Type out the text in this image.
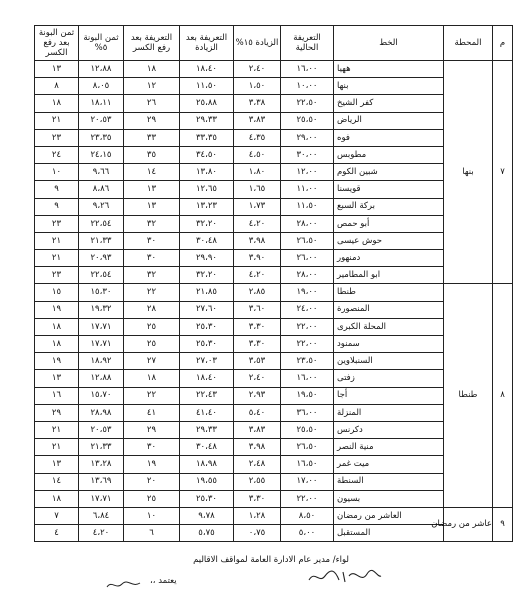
م	المحطة	الخط	التعريفة الحالية	الزيادة ١٥%	التعريفة بعد الزيادة	التعريفة بعد رفع الكسر	ثمن البونة ٥%	ثمن البونة بعد رفع الكسر
٧	بنها	ههيا	١٦،٠٠	٢،٤٠	١٨،٤٠	١٨	١٢،٨٨	١٣
		بنها	١٠،٠٠	١،٥٠	١١،٥٠	١٢	٨،٠٥	٨
		كفر الشيخ	٢٢،٥٠	٣،٣٨	٢٥،٨٨	٢٦	١٨،١١	١٨
		الرياض	٢٥،٥٠	٣،٨٣	٢٩،٣٣	٢٩	٢٠،٥٣	٢١
		فوه	٢٩،٠٠	٤،٣٥	٣٣،٣٥	٣٣	٢٣،٣٥	٢٣
		مطوبس	٣٠،٠٠	٤،٥٠	٣٤،٥٠	٣٥	٢٤،١٥	٢٤
		شبين الكوم	١٢،٠٠	١،٨٠	١٣،٨٠	١٤	٩،٦٦	١٠
		قويسنا	١١،٠٠	١،٦٥	١٢،٦٥	١٣	٨،٨٦	٩
		بركة السبع	١١،٥٠	١،٧٣	١٣،٢٣	١٣	٩،٢٦	٩
		أبو حمص	٢٨،٠٠	٤،٢٠	٣٢،٢٠	٣٢	٢٢،٥٤	٢٣
		حوش عيسى	٢٦،٥٠	٣،٩٨	٣٠،٤٨	٣٠	٢١،٣٣	٢١
		دمنهور	٢٦،٠٠	٣،٩٠	٢٩،٩٠	٣٠	٢٠،٩٣	٢١
		ابو المطامير	٢٨،٠٠	٤،٢٠	٣٢،٢٠	٣٢	٢٢،٥٤	٢٣
٨	طنطا	طنطا	١٩،٠٠	٢،٨٥	٢١،٨٥	٢٢	١٥،٣٠	١٥
		المنصورة	٢٤،٠٠	٣،٦٠	٢٧،٦٠	٢٨	١٩،٣٢	١٩
		المحلة الكبرى	٢٢،٠٠	٣،٣٠	٢٥،٣٠	٢٥	١٧،٧١	١٨
		سمنود	٢٢،٠٠	٣،٣٠	٢٥،٣٠	٢٥	١٧،٧١	١٨
		السنبلاوين	٢٣،٥٠	٣،٥٣	٢٧،٠٣	٢٧	١٨،٩٢	١٩
		زفتى	١٦،٠٠	٢،٤٠	١٨،٤٠	١٨	١٢،٨٨	١٣
		أجا	١٩،٥٠	٢،٩٣	٢٢،٤٣	٢٢	١٥،٧٠	١٦
		المنزلة	٣٦،٠٠	٥،٤٠	٤١،٤٠	٤١	٢٨،٩٨	٢٩
		دكرنس	٢٥،٥٠	٣،٨٣	٢٩،٣٣	٢٩	٢٠،٥٣	٢١
		منية النصر	٢٦،٥٠	٣،٩٨	٣٠،٤٨	٣٠	٢١،٣٣	٢١
		ميت غمر	١٦،٥٠	٢،٤٨	١٨،٩٨	١٩	١٣،٢٨	١٣
		السنطة	١٧،٠٠	٢،٥٥	١٩،٥٥	٢٠	١٣،٦٩	١٤
		بسيون	٢٢،٠٠	٣،٣٠	٢٥،٣٠	٢٥	١٧،٧١	١٨
٩	عاشر من رمضان	العاشر من رمضان	٨،٥٠	١،٢٨	٩،٧٨	١٠	٦،٨٤	٧
		المستقبل	٥،٠٠	٠،٧٥	٥،٧٥	٦	٤،٢٠	٤
لواء/ مدير عام الادارة العامة لمواقف الاقاليم
يعتمد ،،
